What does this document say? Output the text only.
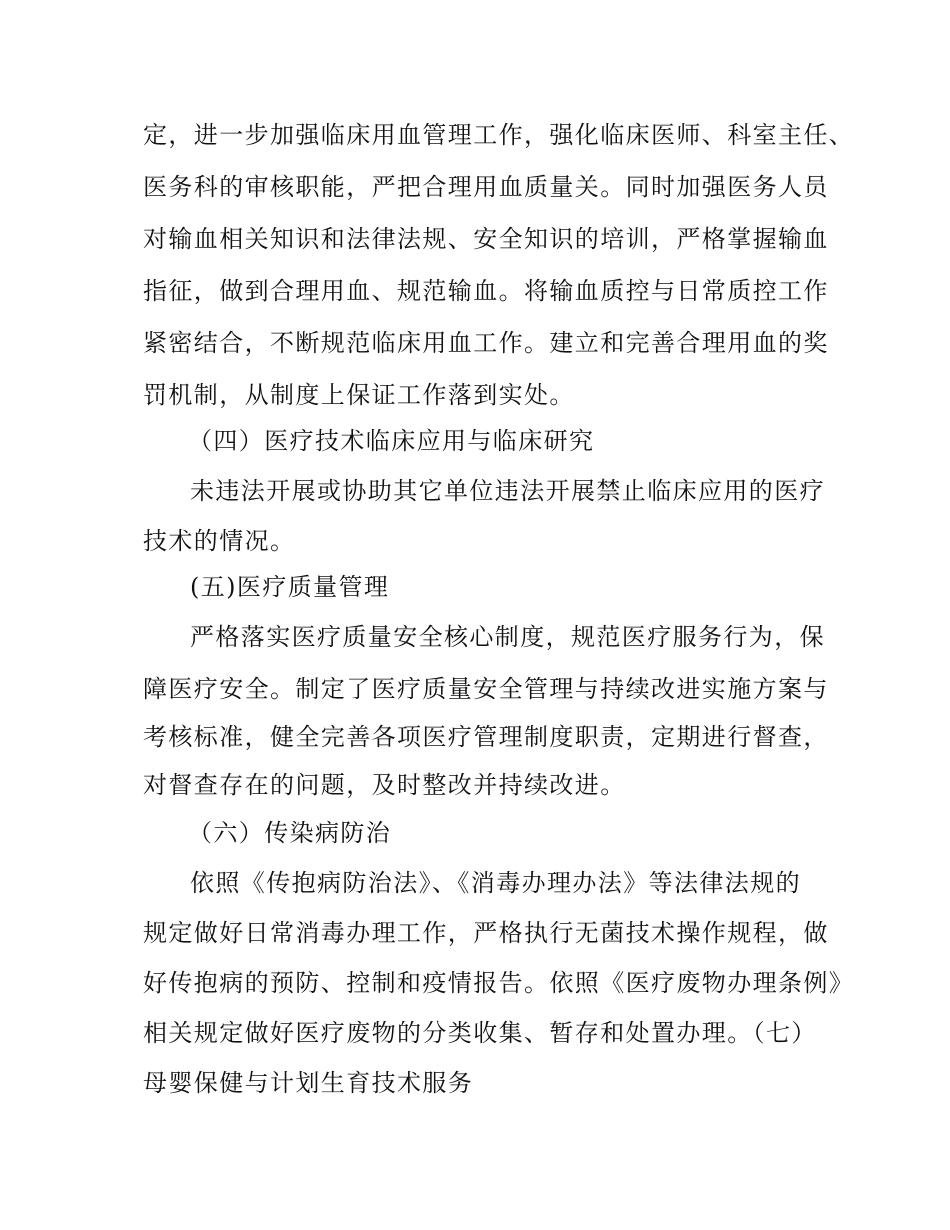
定，进一步加强临床用血管理工作，强化临床医师、科室主任、
医务科的审核职能，严把合理用血质量关。同时加强医务人员
对输血相关知识和法律法规、安全知识的培训，严格掌握输血
指征，做到合理用血、规范输血。将输血质控与日常质控工作
紧密结合，不断规范临床用血工作。建立和完善合理用血的奖
罚机制，从制度上保证工作落到实处。
（四）医疗技术临床应用与临床研究
未违法开展或协助其它单位违法开展禁止临床应用的医疗
技术的情况。
(五)医疗质量管理
严格落实医疗质量安全核心制度，规范医疗服务行为，保
障医疗安全。制定了医疗质量安全管理与持续改进实施方案与
考核标准，健全完善各项医疗管理制度职责，定期进行督查，
对督查存在的问题，及时整改并持续改进。
（六）传染病防治
依照《传抱病防治法》、《消毒办理办法》等法律法规的
规定做好日常消毒办理工作，严格执行无菌技术操作规程，做
好传抱病的预防、控制和疫情报告。依照《医疗废物办理条例》
相关规定做好医疗废物的分类收集、暂存和处置办理。（七）
母婴保健与计划生育技术服务
